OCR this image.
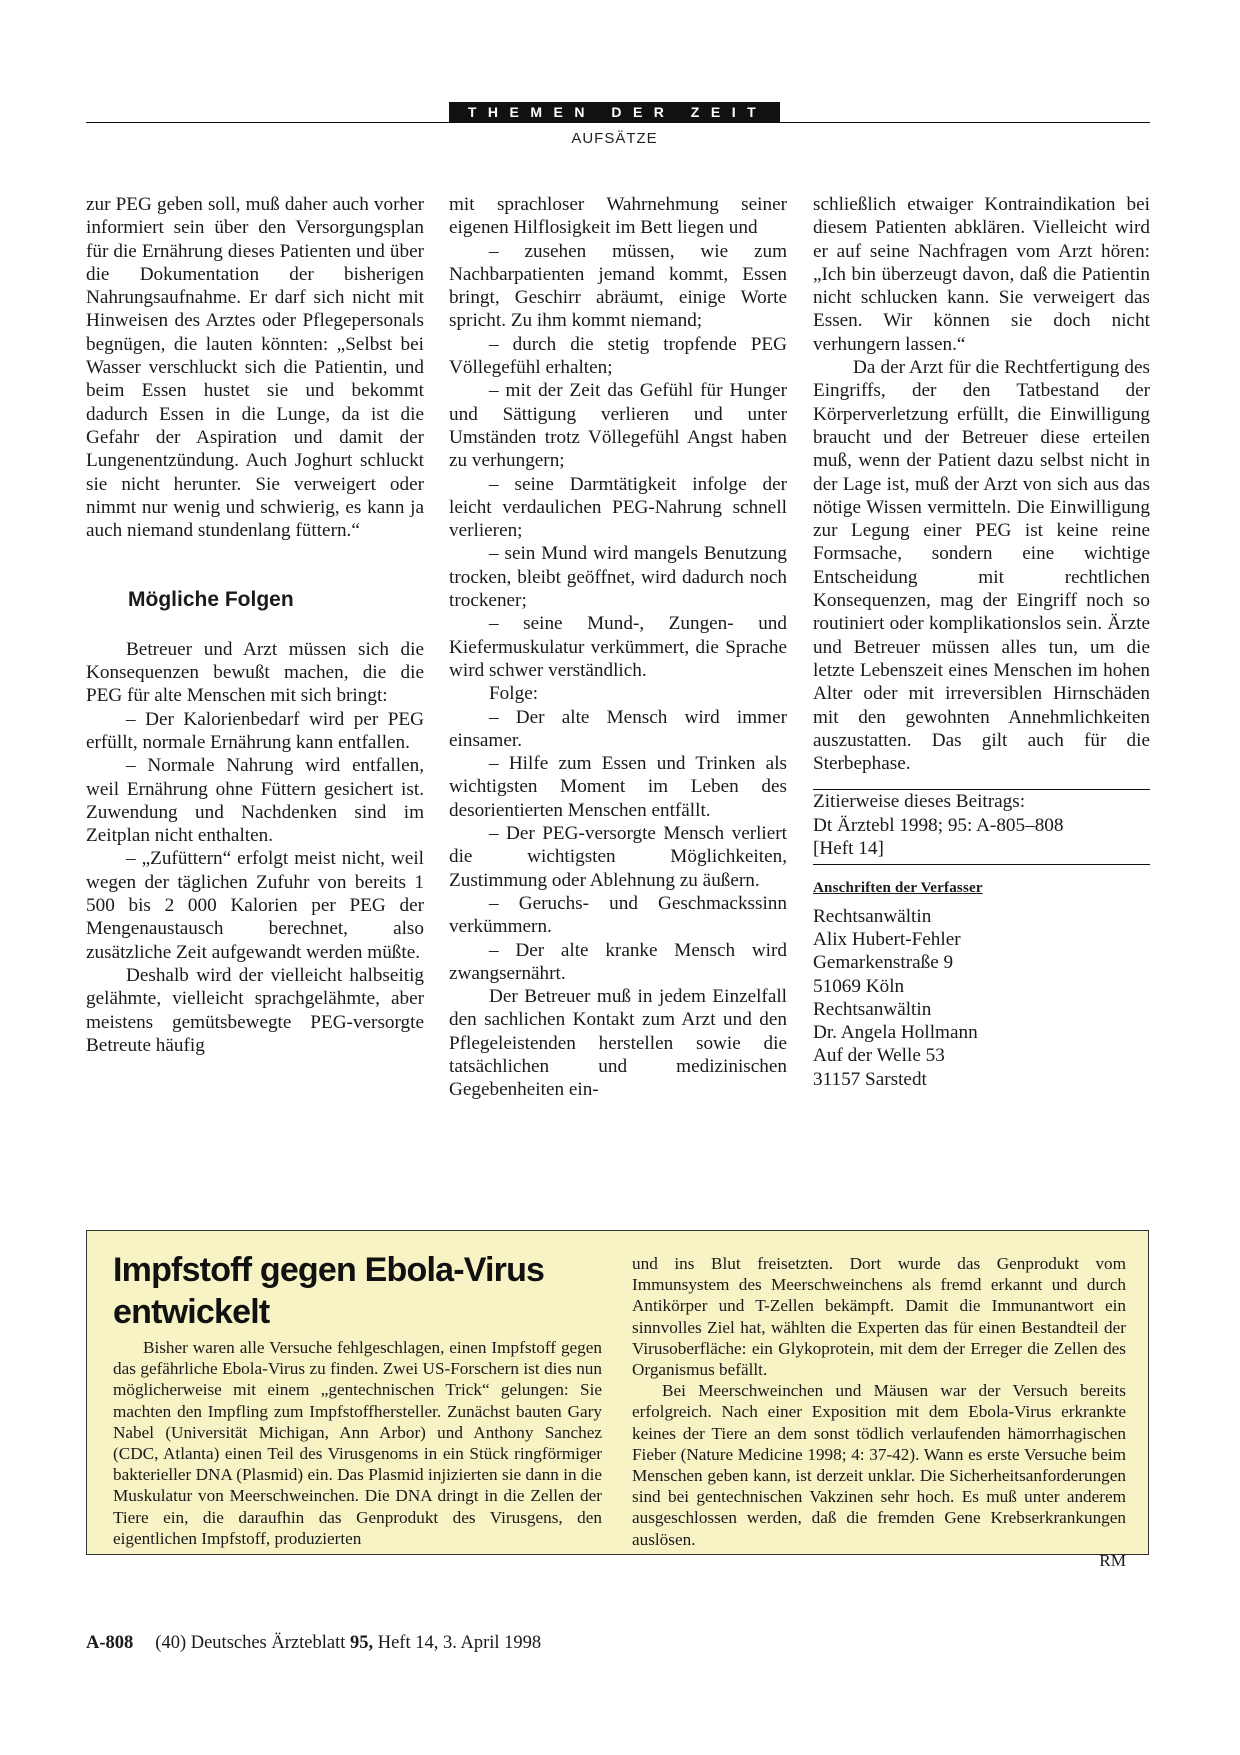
THEMEN DER ZEIT
AUFSÄTZE

zur PEG geben soll, muß daher auch vorher informiert sein über den Versorgungsplan für die Ernährung dieses Patienten und über die Dokumentation der bisherigen Nahrungsaufnahme. Er darf sich nicht mit Hinweisen des Arztes oder Pflegepersonals begnügen, die lauten könnten: „Selbst bei Wasser verschluckt sich die Patientin, und beim Essen hustet sie und bekommt dadurch Essen in die Lunge, da ist die Gefahr der Aspiration und damit der Lungenentzündung. Auch Joghurt schluckt sie nicht herunter. Sie verweigert oder nimmt nur wenig und schwierig, es kann ja auch niemand stundenlang füttern.“

Mögliche Folgen

Betreuer und Arzt müssen sich die Konsequenzen bewußt machen, die die PEG für alte Menschen mit sich bringt:

– Der Kalorienbedarf wird per PEG erfüllt, normale Ernährung kann entfallen.

– Normale Nahrung wird entfallen, weil Ernährung ohne Füttern gesichert ist. Zuwendung und Nachdenken sind im Zeitplan nicht enthalten.

– „Zufüttern“ erfolgt meist nicht, weil wegen der täglichen Zufuhr von bereits 1 500 bis 2 000 Kalorien per PEG der Mengenaustausch berechnet, also zusätzliche Zeit aufgewandt werden müßte.

Deshalb wird der vielleicht halbseitig gelähmte, vielleicht sprachgelähmte, aber meistens gemütsbewegte PEG-versorgte Betreute häufig

mit sprachloser Wahrnehmung seiner eigenen Hilflosigkeit im Bett liegen und

– zusehen müssen, wie zum Nachbarpatienten jemand kommt, Essen bringt, Geschirr abräumt, einige Worte spricht. Zu ihm kommt niemand;

– durch die stetig tropfende PEG Völlegefühl erhalten;

– mit der Zeit das Gefühl für Hunger und Sättigung verlieren und unter Umständen trotz Völlegefühl Angst haben zu verhungern;

– seine Darmtätigkeit infolge der leicht verdaulichen PEG-Nahrung schnell verlieren;

– sein Mund wird mangels Benutzung trocken, bleibt geöffnet, wird dadurch noch trockener;

– seine Mund-, Zungen- und Kiefermuskulatur verkümmert, die Sprache wird schwer verständlich.

Folge:

– Der alte Mensch wird immer einsamer.

– Hilfe zum Essen und Trinken als wichtigsten Moment im Leben des desorientierten Menschen entfällt.

– Der PEG-versorgte Mensch verliert die wichtigsten Möglichkeiten, Zustimmung oder Ablehnung zu äußern.

– Geruchs- und Geschmackssinn verkümmern.

– Der alte kranke Mensch wird zwangsernährt.

Der Betreuer muß in jedem Einzelfall den sachlichen Kontakt zum Arzt und den Pflegeleistenden herstellen sowie die tatsächlichen und medizinischen Gegebenheiten ein-

schließlich etwaiger Kontraindikation bei diesem Patienten abklären. Vielleicht wird er auf seine Nachfragen vom Arzt hören: „Ich bin überzeugt davon, daß die Patientin nicht schlucken kann. Sie verweigert das Essen. Wir können sie doch nicht verhungern lassen.“

Da der Arzt für die Rechtfertigung des Eingriffs, der den Tatbestand der Körperverletzung erfüllt, die Einwilligung braucht und der Betreuer diese erteilen muß, wenn der Patient dazu selbst nicht in der Lage ist, muß der Arzt von sich aus das nötige Wissen vermitteln. Die Einwilligung zur Legung einer PEG ist keine reine Formsache, sondern eine wichtige Entscheidung mit rechtlichen Konsequenzen, mag der Eingriff noch so routiniert oder komplikationslos sein. Ärzte und Betreuer müssen alles tun, um die letzte Lebenszeit eines Menschen im hohen Alter oder mit irreversiblen Hirnschäden mit den gewohnten Annehmlichkeiten auszustatten. Das gilt auch für die Sterbephase.

Zitierweise dieses Beitrags:

Dt Ärztebl 1998; 95: A-805–808

[Heft 14]

Anschriften der Verfasser

Rechtsanwältin

Alix Hubert-Fehler

Gemarkenstraße 9

51069 Köln

Rechtsanwältin

Dr. Angela Hollmann

Auf der Welle 53

31157 Sarstedt

Impfstoff gegen Ebola-Virus entwickelt

Bisher waren alle Versuche fehlgeschlagen, einen Impfstoff gegen das gefährliche Ebola-Virus zu finden. Zwei US-Forschern ist dies nun möglicherweise mit einem „gentechnischen Trick“ gelungen: Sie machten den Impfling zum Impfstoffhersteller. Zunächst bauten Gary Nabel (Universität Michigan, Ann Arbor) und Anthony Sanchez (CDC, Atlanta) einen Teil des Virusgenoms in ein Stück ringförmiger bakterieller DNA (Plasmid) ein. Das Plasmid injizierten sie dann in die Muskulatur von Meerschweinchen. Die DNA dringt in die Zellen der Tiere ein, die daraufhin das Genprodukt des Virusgens, den eigentlichen Impfstoff, produzierten

und ins Blut freisetzten. Dort wurde das Genprodukt vom Immunsystem des Meerschweinchens als fremd erkannt und durch Antikörper und T-Zellen bekämpft. Damit die Immunantwort ein sinnvolles Ziel hat, wählten die Experten das für einen Bestandteil der Virusoberfläche: ein Glykoprotein, mit dem der Erreger die Zellen des Organismus befällt.

Bei Meerschweinchen und Mäusen war der Versuch bereits erfolgreich. Nach einer Exposition mit dem Ebola-Virus erkrankte keines der Tiere an dem sonst tödlich verlaufenden hämorrhagischen Fieber (Nature Medicine 1998; 4: 37-42). Wann es erste Versuche beim Menschen geben kann, ist derzeit unklar. Die Sicherheitsanforderungen sind bei gentechnischen Vakzinen sehr hoch. Es muß unter anderem ausgeschlossen werden, daß die fremden Gene Krebserkrankungen auslösen.

RM

A-808 (40) Deutsches Ärzteblatt 95, Heft 14, 3. April 1998
